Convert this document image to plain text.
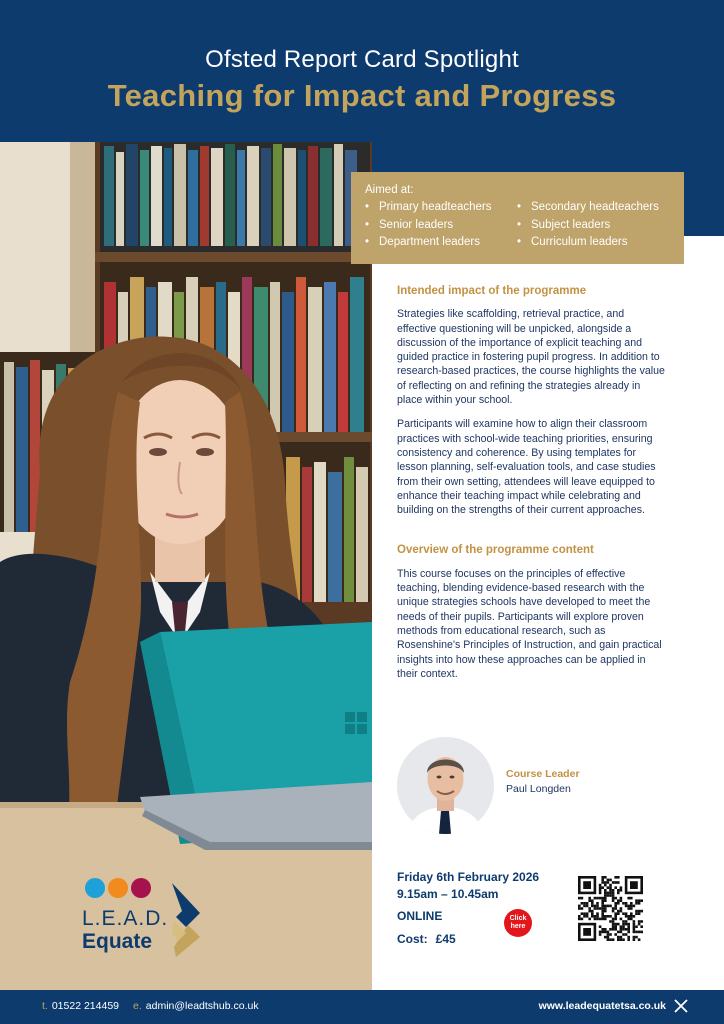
Ofsted Report Card Spotlight
Teaching for Impact and Progress
Aimed at:
• Primary headteachers
• Senior leaders
• Department leaders
• Secondary headteachers
• Subject leaders
• Curriculum leaders
Intended impact of the programme

Strategies like scaffolding, retrieval practice, and effective questioning will be unpicked, alongside a discussion of the importance of explicit teaching and guided practice in fostering pupil progress. In addition to research-based practices, the course highlights the value of reflecting on and refining the strategies already in place within your school.

Participants will examine how to align their classroom practices with school-wide teaching priorities, ensuring consistency and coherence. By using templates for lesson planning, self-evaluation tools, and case studies from their own setting, attendees will leave equipped to enhance their teaching impact while celebrating and building on the strengths of their current approaches.

Overview of the programme content

This course focuses on the principles of effective teaching, blending evidence-based research with the unique strategies schools have developed to meet the needs of their pupils. Participants will explore proven methods from educational research, such as Rosenshine's Principles of Instruction, and gain practical insights into how these approaches can be applied in their context.

Course Leader
Paul Longden
Friday 6th February 2026
9.15am – 10.45am
ONLINE
Cost: £45
Click
here
L.E.A.D.
Equate
t. 01522 214459 e. admin@leadtshub.co.uk	www.leadequatetsa.co.uk
